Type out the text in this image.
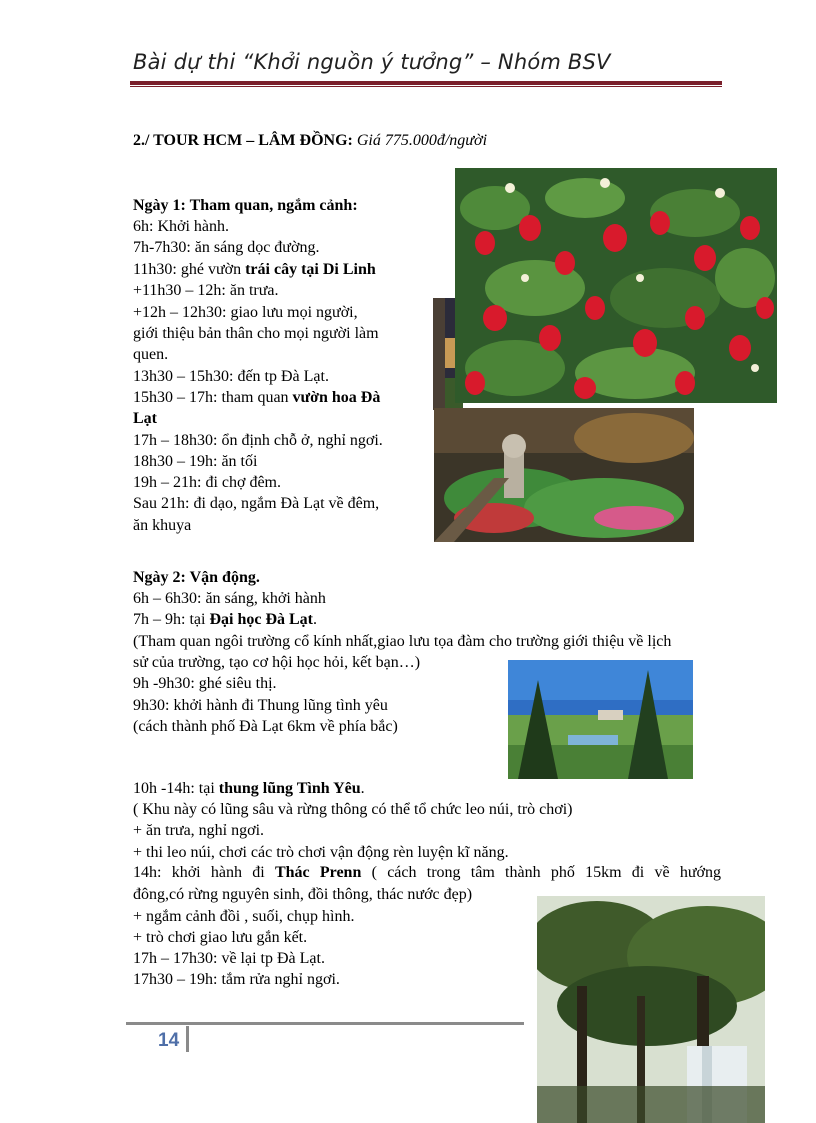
Bài dự thi “Khởi nguồn ý tưởng” – Nhóm BSV
2./ TOUR HCM – LÂM ĐỒNG: Giá 775.000đ/người
Ngày 1: Tham quan, ngắm cảnh:
6h: Khởi hành.
7h-7h30: ăn sáng dọc đường.
11h30: ghé vườn trái cây tại Di Linh
+11h30 – 12h: ăn trưa.
+12h – 12h30: giao lưu mọi người,
giới thiệu bản thân cho mọi người làm
quen.
13h30 – 15h30: đến tp Đà Lạt.
15h30 – 17h: tham quan vườn hoa Đà
Lạt
17h – 18h30: ổn định chỗ ở, nghỉ ngơi.
18h30 – 19h: ăn tối
19h – 21h: đi chợ đêm.
Sau 21h: đi dạo, ngắm Đà Lạt về đêm,
ăn khuya
Ngày 2: Vận động.
6h – 6h30: ăn sáng, khởi hành
7h – 9h: tại Đại học Đà Lạt.
(Tham quan ngôi trường cổ kính nhất,giao lưu tọa đàm cho trường giới thiệu về lịch
sử của trường, tạo cơ hội học hỏi, kết bạn…)
9h -9h30: ghé siêu thị.
9h30: khởi hành đi Thung lũng tình yêu
(cách thành phố Đà Lạt 6km về phía bắc)
10h -14h: tại thung lũng Tình Yêu.
( Khu này có lũng sâu và rừng thông có thể tổ chức leo núi, trò chơi)
+ ăn trưa, nghỉ ngơi.
+ thi leo núi, chơi các trò chơi vận động rèn luyện kĩ năng.
14h: khởi hành đi Thác Prenn ( cách trong tâm thành phố 15km đi về hướng
đông,có rừng nguyên sinh, đồi thông, thác nước đẹp)
+ ngắm cảnh đồi , suối, chụp hình.
+ trò chơi giao lưu gắn kết.
17h – 17h30: về lại tp Đà Lạt.
17h30 – 19h: tắm rửa nghỉ ngơi.
14
